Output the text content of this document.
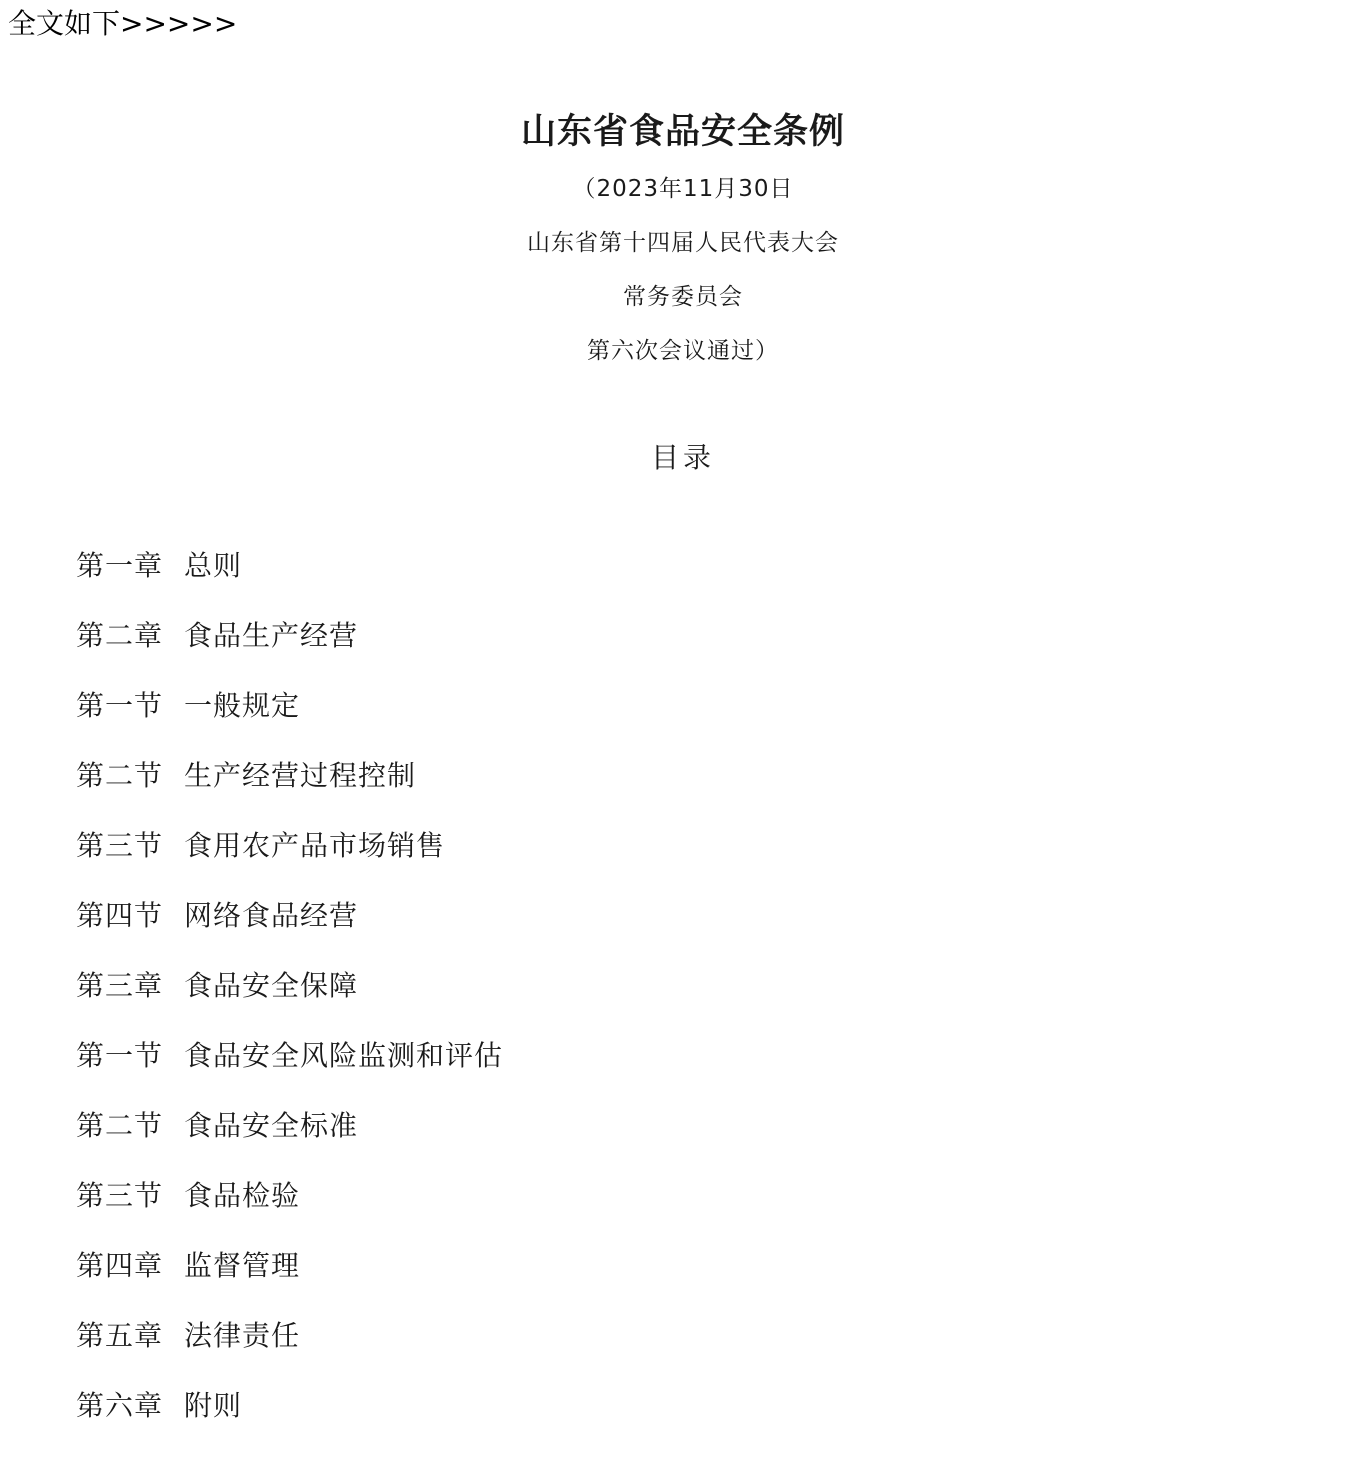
全文如下>>>>>
山东省食品安全条例
（2023年11月30日
山东省第十四届人民代表大会
常务委员会
第六次会议通过）
目录
第一章 总则
第二章 食品生产经营
第一节 一般规定
第二节 生产经营过程控制
第三节 食用农产品市场销售
第四节 网络食品经营
第三章 食品安全保障
第一节 食品安全风险监测和评估
第二节 食品安全标准
第三节 食品检验
第四章 监督管理
第五章 法律责任
第六章 附则
